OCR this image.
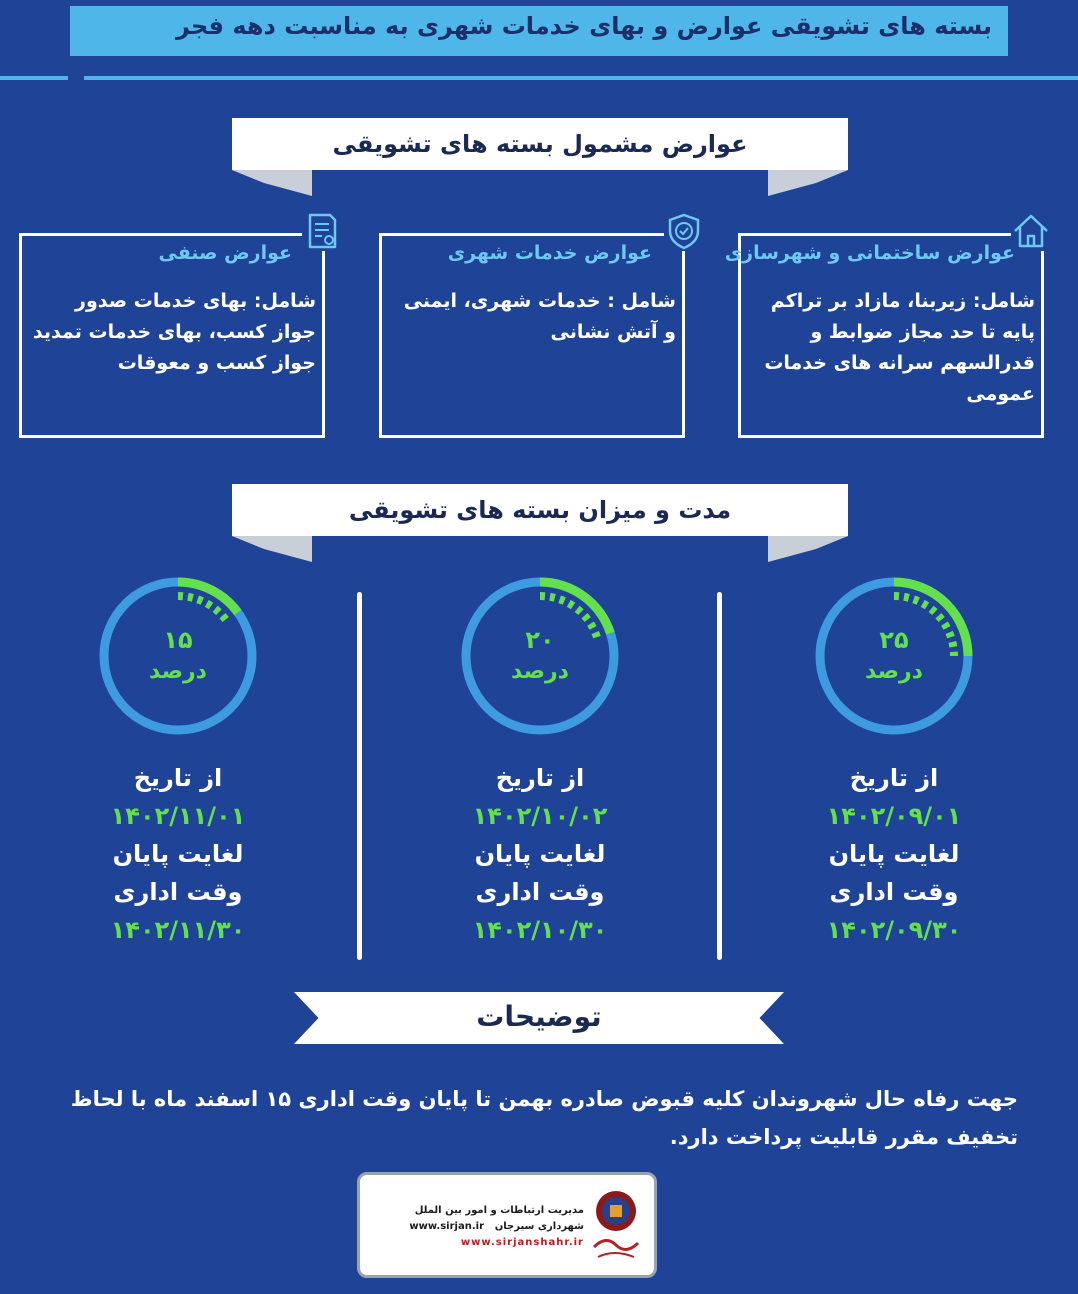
بسته های تشویقی عوارض و بهای خدمات شهری به مناسبت دهه فجر
عوارض مشمول بسته های تشویقی
عوارض ساختمانی و شهرسازی
شامل: زیربنا، مازاد بر تراکم پایه تا حد مجاز ضوابط و قدرالسهم سرانه های خدمات عمومی
عوارض خدمات شهری
شامل : خدمات شهری، ایمنی و آتش نشانی
عوارض صنفی
شامل: بهای خدمات صدور جواز کسب، بهای خدمات تمدید جواز کسب و معوقات
مدت و میزان بسته های تشویقی
۲۵
درصد
از تاریخ
۱۴۰۲/۰۹/۰۱
لغایت پایان
وقت اداری
۱۴۰۲/۰۹/۳۰
۲۰
درصد
از تاریخ
۱۴۰۲/۱۰/۰۲
لغایت پایان
وقت اداری
۱۴۰۲/۱۰/۳۰
۱۵
درصد
از تاریخ
۱۴۰۲/۱۱/۰۱
لغایت پایان
وقت اداری
۱۴۰۲/۱۱/۳۰
توضیحات
جهت رفاه حال شهروندان کلیه قبوض صادره بهمن تا پایان وقت اداری ۱۵ اسفند ماه با لحاظ تخفیف مقرر قابلیت پرداخت دارد.
مدیریت ارتباطات و امور بین الملل
شهرداری سیرجان
www.sirjan.ir
www.sirjanshahr.ir
